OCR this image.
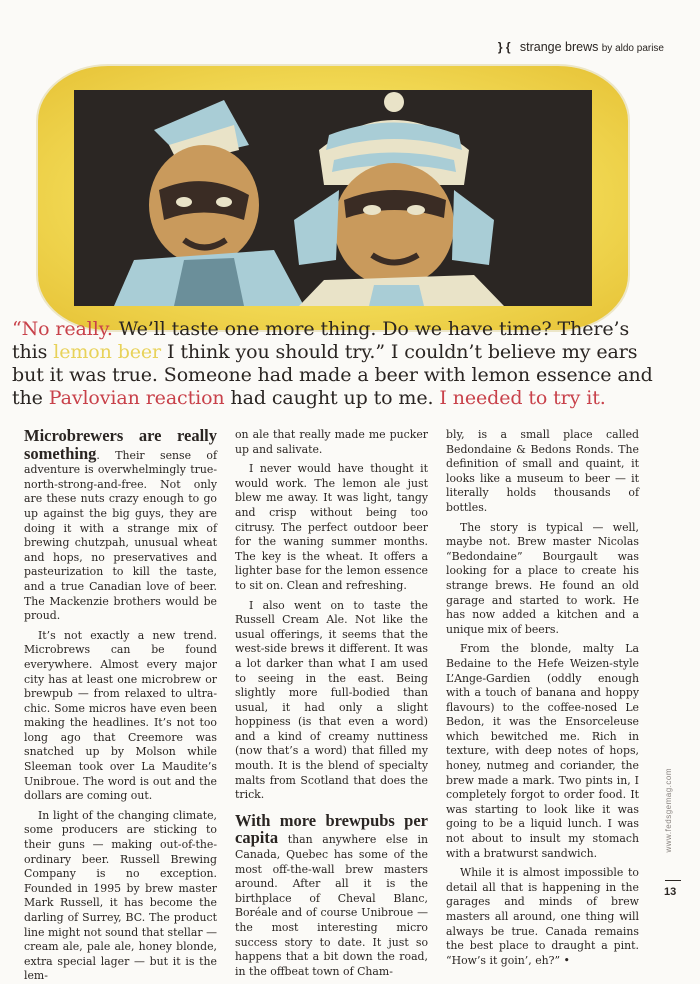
} { strange brews by aldo parise

“No really. We’ll taste one more thing. Do we have time? There’s

this lemon beer I think you should try.” I couldn’t believe my ears

but it was true. Someone had made a beer with lemon essence and

the Pavlovian reaction had caught up to me. I needed to try it.

Microbrewers are really something. Their sense of adventure is overwhelmingly true-north-strong-and-free. Not only are these nuts crazy enough to go up against the big guys, they are doing it with a strange mix of brewing chutzpah, unusual wheat and hops, no preservatives and pasteurization to kill the taste, and a true Canadian love of beer. The Mackenzie brothers would be proud.

It’s not exactly a new trend. Microbrews can be found everywhere. Almost every major city has at least one microbrew or brewpub — from relaxed to ultra-chic. Some micros have even been making the headlines. It’s not too long ago that Creemore was snatched up by Molson while Sleeman took over La Maudite’s Unibroue. The word is out and the dollars are coming out.

In light of the changing climate, some producers are sticking to their guns — making out-of-the-ordinary beer. Russell Brewing Company is no exception. Founded in 1995 by brew master Mark Russell, it has become the darling of Surrey, BC. The product line might not sound that stellar — cream ale, pale ale, honey blonde, extra special lager — but it is the lem-

on ale that really made me pucker up and salivate.

I never would have thought it would work. The lemon ale just blew me away. It was light, tangy and crisp without being too citrusy. The perfect outdoor beer for the waning summer months. The key is the wheat. It offers a lighter base for the lemon essence to sit on. Clean and refreshing.

I also went on to taste the Russell Cream Ale. Not like the usual offerings, it seems that the west-side brews it different. It was a lot darker than what I am used to seeing in the east. Being slightly more full-bodied than usual, it had only a slight hoppiness (is that even a word) and a kind of creamy nuttiness (now that’s a word) that filled my mouth. It is the blend of specialty malts from Scotland that does the trick.

With more brewpubs per capita than anywhere else in Canada, Quebec has some of the most off-the-wall brew masters around. After all it is the birthplace of Cheval Blanc, Boréale and of course Unibroue — the most interesting micro success story to date. It just so happens that a bit down the road, in the offbeat town of Cham-

bly, is a small place called Bedondaine & Bedons Ronds. The definition of small and quaint, it looks like a museum to beer — it literally holds thousands of bottles.

The story is typical — well, maybe not. Brew master Nicolas “Bedondaine” Bourgault was looking for a place to create his strange brews. He found an old garage and started to work. He has now added a kitchen and a unique mix of beers.

From the blonde, malty La Bedaine to the Hefe Weizen-style L’Ange-Gardien (oddly enough with a touch of banana and hoppy flavours) to the coffee-nosed Le Bedon, it was the Ensorceleuse which bewitched me. Rich in texture, with deep notes of hops, honey, nutmeg and coriander, the brew made a mark. Two pints in, I completely forgot to order food. It was starting to look like it was going to be a liquid lunch. I was not about to insult my stomach with a bratwurst sandwich.

While it is almost impossible to detail all that is happening in the garages and minds of brew masters all around, one thing will always be true. Canada remains the best place to draught a pint. “How’s it goin’, eh?” •

www.fedsgemag.com
13
